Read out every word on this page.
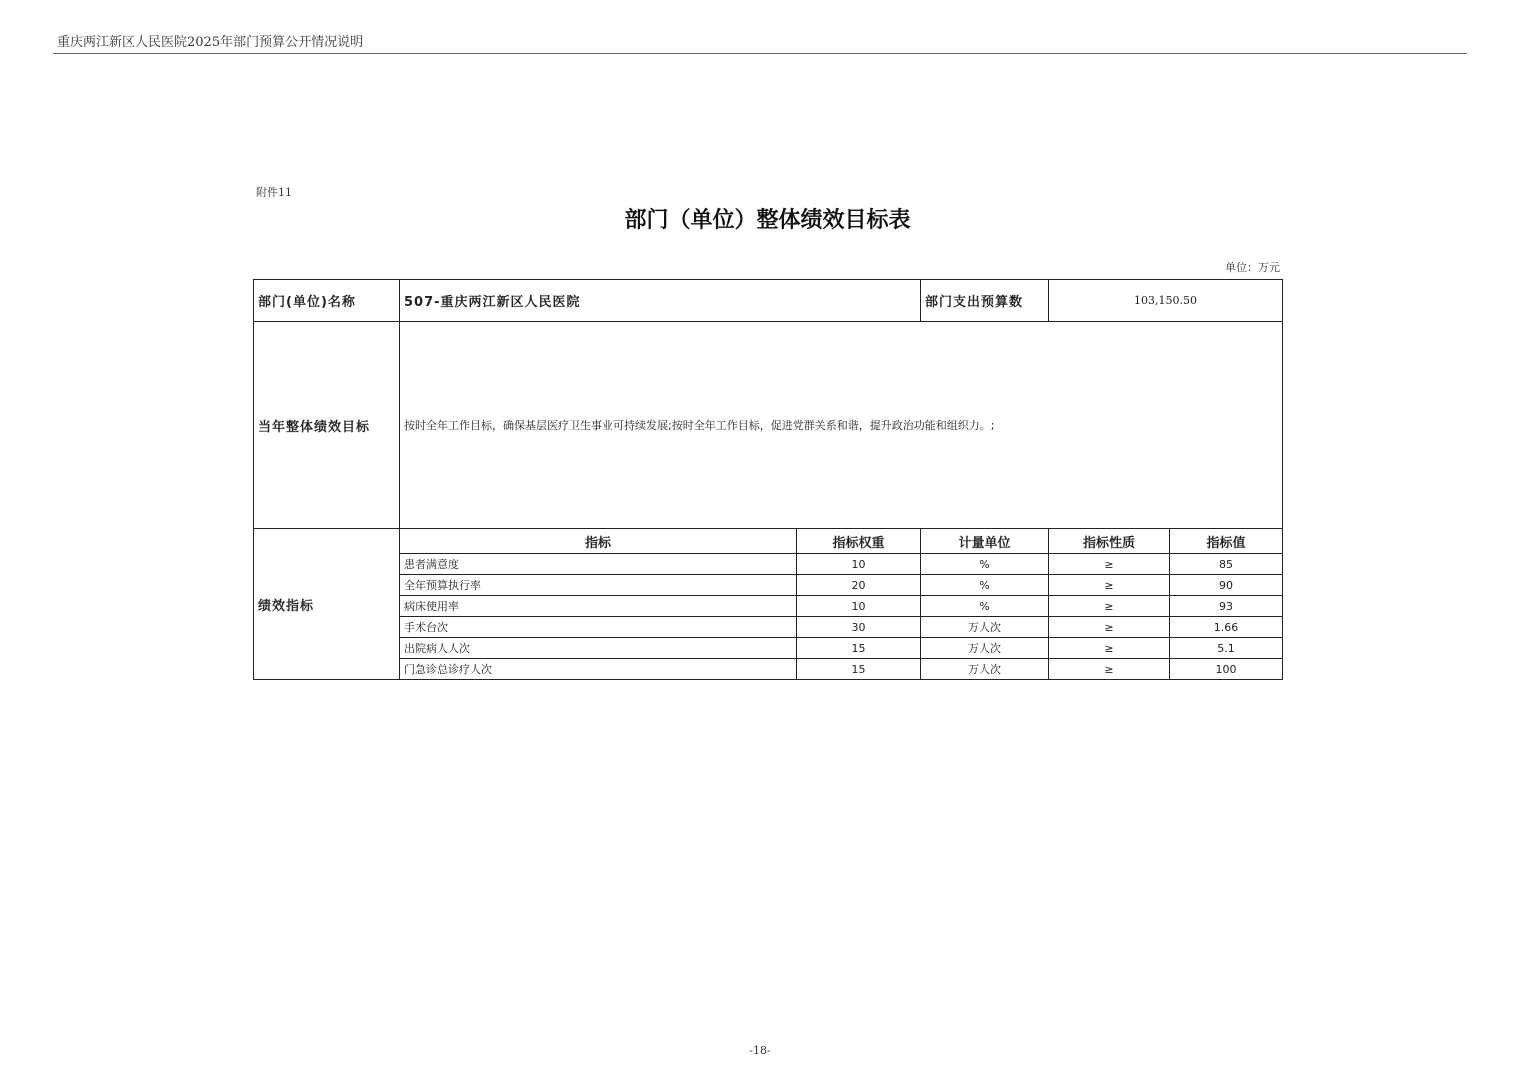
重庆两江新区人民医院2025年部门预算公开情况说明
附件11
部门（单位）整体绩效目标表
单位：万元
部门(单位)名称	507-重庆两江新区人民医院		部门支出预算数	103,150.50	
当年整体绩效目标	按时全年工作目标，确保基层医疗卫生事业可持续发展;按时全年工作目标，促进党群关系和谐，提升政治功能和组织力。;				
绩效指标	指标	指标权重	计量单位	指标性质	指标值
	患者满意度	10	%	≥	85
	全年预算执行率	20	%	≥	90
	病床使用率	10	%	≥	93
	手术台次	30	万人次	≥	1.66
	出院病人人次	15	万人次	≥	5.1
	门急诊总诊疗人次	15	万人次	≥	100
-18-
